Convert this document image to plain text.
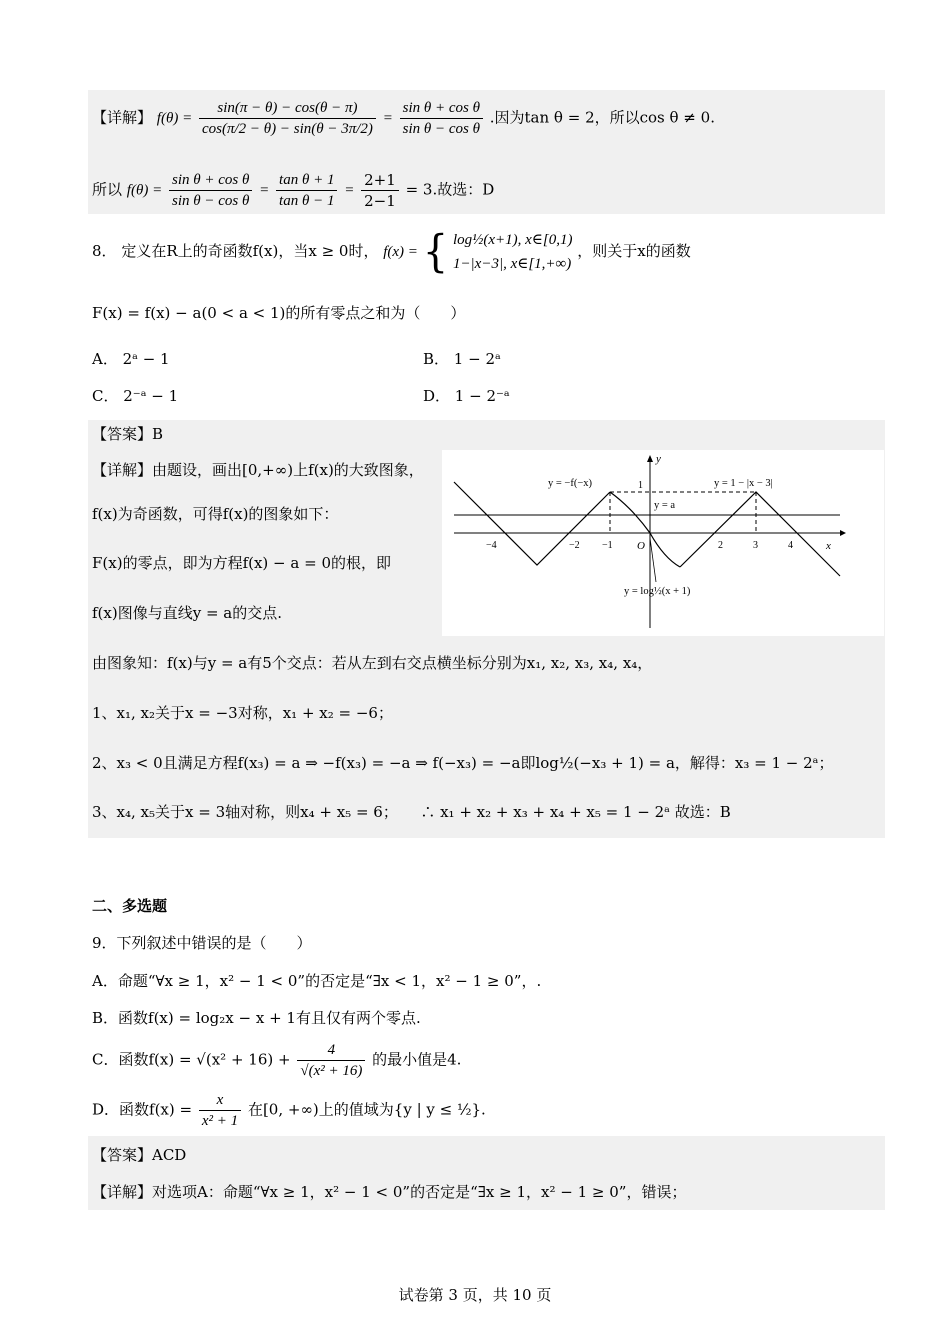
【详解】 $f(\theta) = \frac{\sin(\pi - \theta) - \cos(\theta - \pi)}{\cos(\pi/2 - \theta) - \sin(\theta - 3\pi/2)} = \frac{\text{sin θ + cos θ}}{\text{sin θ − cos θ}}$ .因为tan θ = 2，所以cos θ ≠ 0.
所以 $f(\theta) = \frac{\text{sin θ + cos θ}}{\text{sin θ − cos θ}} = \frac{\text{tan θ + 1}}{\text{tan θ − 1}} = \frac{2+1}{2-1} = 3$.故选：D
8． 定义在R上的奇函数f(x)，当x ≥ 0时， f(x) = { log½(x+1), x∈[0,1)
1−|x−3|, x∈[1,+∞)
，则关于x的函数
F(x) = f(x) − a(0 < a < 1)的所有零点之和为（　　）
A． 2ᵃ − 1	B． 1 − 2ᵃ
C． 2⁻ᵃ − 1	D． 1 − 2⁻ᵃ
【答案】B
【详解】由题设，画出[0,+∞)上f(x)的大致图象，
f(x)为奇函数，可得f(x)的图象如下：
F(x)的零点，即为方程f(x) − a = 0的根，即
f(x)图像与直线y = a的交点.
y
x
O
y = −f(−x)	y = 1 − |x − 3|
y = a
y = log½(x + 1)
1
−4	−2 −1	2	3	4
由图象知：f(x)与y = a有5个交点：若从左到右交点横坐标分别为x₁, x₂, x₃, x₄, x₄，
1、x₁, x₂关于x = −3对称，x₁ + x₂ = −6；
2、x₃ < 0且满足方程f(x₃) = a ⇒ −f(x₃) = −a ⇒ f(−x₃) = −a即log½(−x₃ + 1) = a，解得：x₃ = 1 − 2ᵃ；
3、x₄, x₅关于x = 3轴对称，则x₄ + x₅ = 6；　　∴ x₁ + x₂ + x₃ + x₄ + x₅ = 1 − 2ᵃ 故选：B
二、多选题
9．下列叙述中错误的是（　　）
A．命题“∀x ≥ 1，x² − 1 < 0”的否定是“∃x < 1，x² − 1 ≥ 0”，.
B．函数f(x) = log₂x − x + 1有且仅有两个零点.
C．函数$f(x) = √(x^2 + 16) + \frac{4}{\text{√(x² + 16)}}$ 的最小值是4.
D．函数$f(x) = \frac{x}{\text{x² + 1}}$ 在[0, +∞)上的值域为{y | y ≤ ½}.
【答案】ACD
【详解】对选项A：命题“∀x ≥ 1，x² − 1 < 0”的否定是“∃x ≥ 1，x² − 1 ≥ 0”，错误；
试卷第 3 页，共 10 页
